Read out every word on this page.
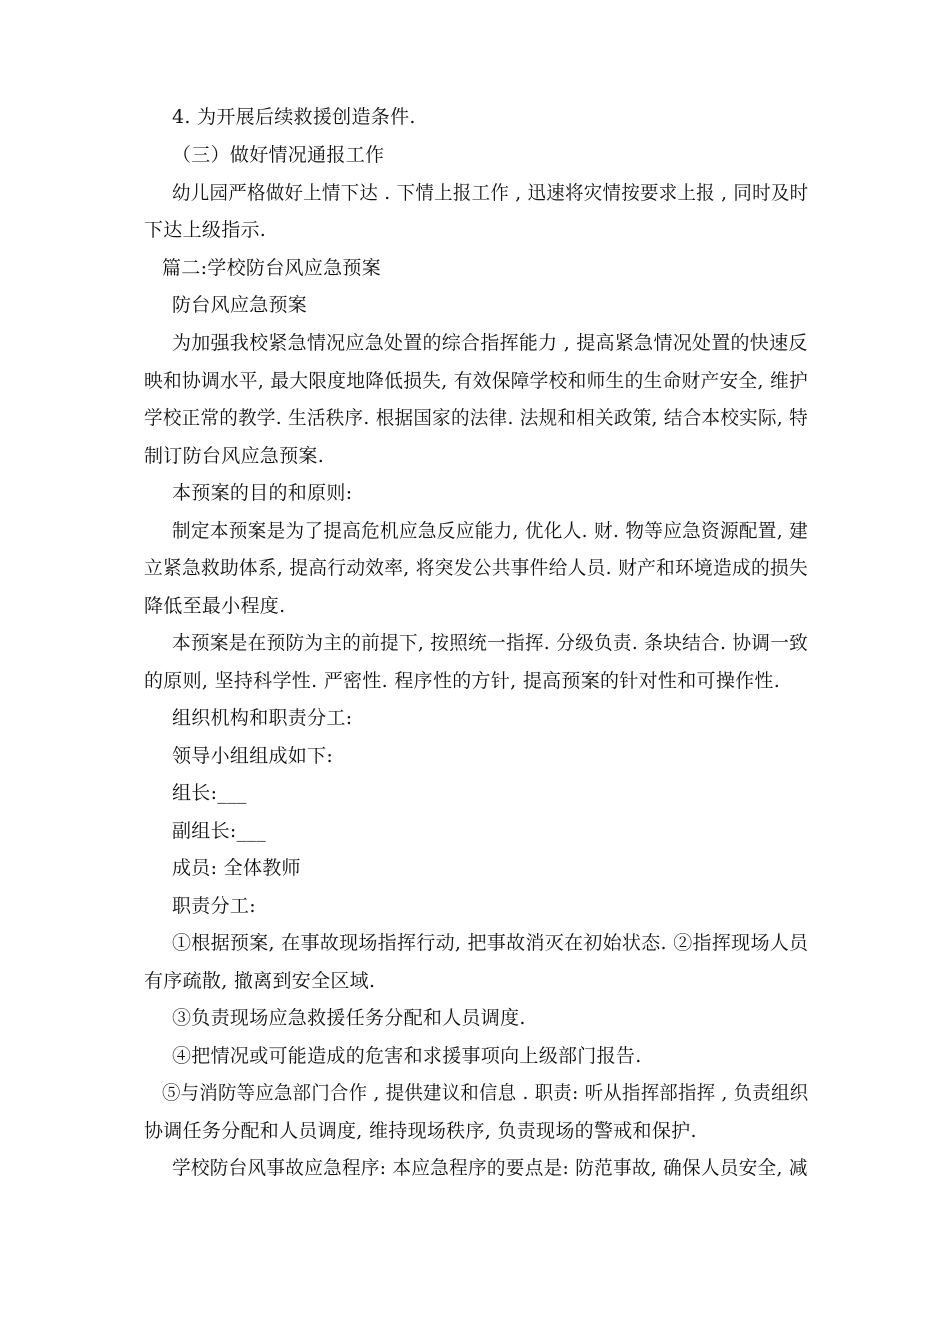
4. 为开展后续救援创造条件.
（三）做好情况通报工作
幼儿园严格做好上情下达 . 下情上报工作 , 迅速将灾情按要求上报 , 同时及时
下达上级指示.
篇二:学校防台风应急预案
防台风应急预案
为加强我校紧急情况应急处置的综合指挥能力 , 提高紧急情况处置的快速反
映和协调水平, 最大限度地降低损失, 有效保障学校和师生的生命财产安全, 维护
学校正常的教学. 生活秩序. 根据国家的法律. 法规和相关政策, 结合本校实际, 特
制订防台风应急预案.
本预案的目的和原则:
制定本预案是为了提高危机应急反应能力, 优化人. 财. 物等应急资源配置, 建
立紧急救助体系, 提高行动效率, 将突发公共事件给人员. 财产和环境造成的损失
降低至最小程度.
本预案是在预防为主的前提下, 按照统一指挥. 分级负责. 条块结合. 协调一致
的原则, 坚持科学性. 严密性. 程序性的方针, 提高预案的针对性和可操作性.
组织机构和职责分工:
领导小组组成如下:
组长:___
副组长:___
成员: 全体教师
职责分工:
①根据预案, 在事故现场指挥行动, 把事故消灭在初始状态. ②指挥现场人员
有序疏散, 撤离到安全区域.
③负责现场应急救援任务分配和人员调度.
④把情况或可能造成的危害和求援事项向上级部门报告.
⑤与消防等应急部门合作 , 提供建议和信息 . 职责: 听从指挥部指挥 , 负责组织
协调任务分配和人员调度, 维持现场秩序, 负责现场的警戒和保护.
学校防台风事故应急程序: 本应急程序的要点是: 防范事故, 确保人员安全, 减
